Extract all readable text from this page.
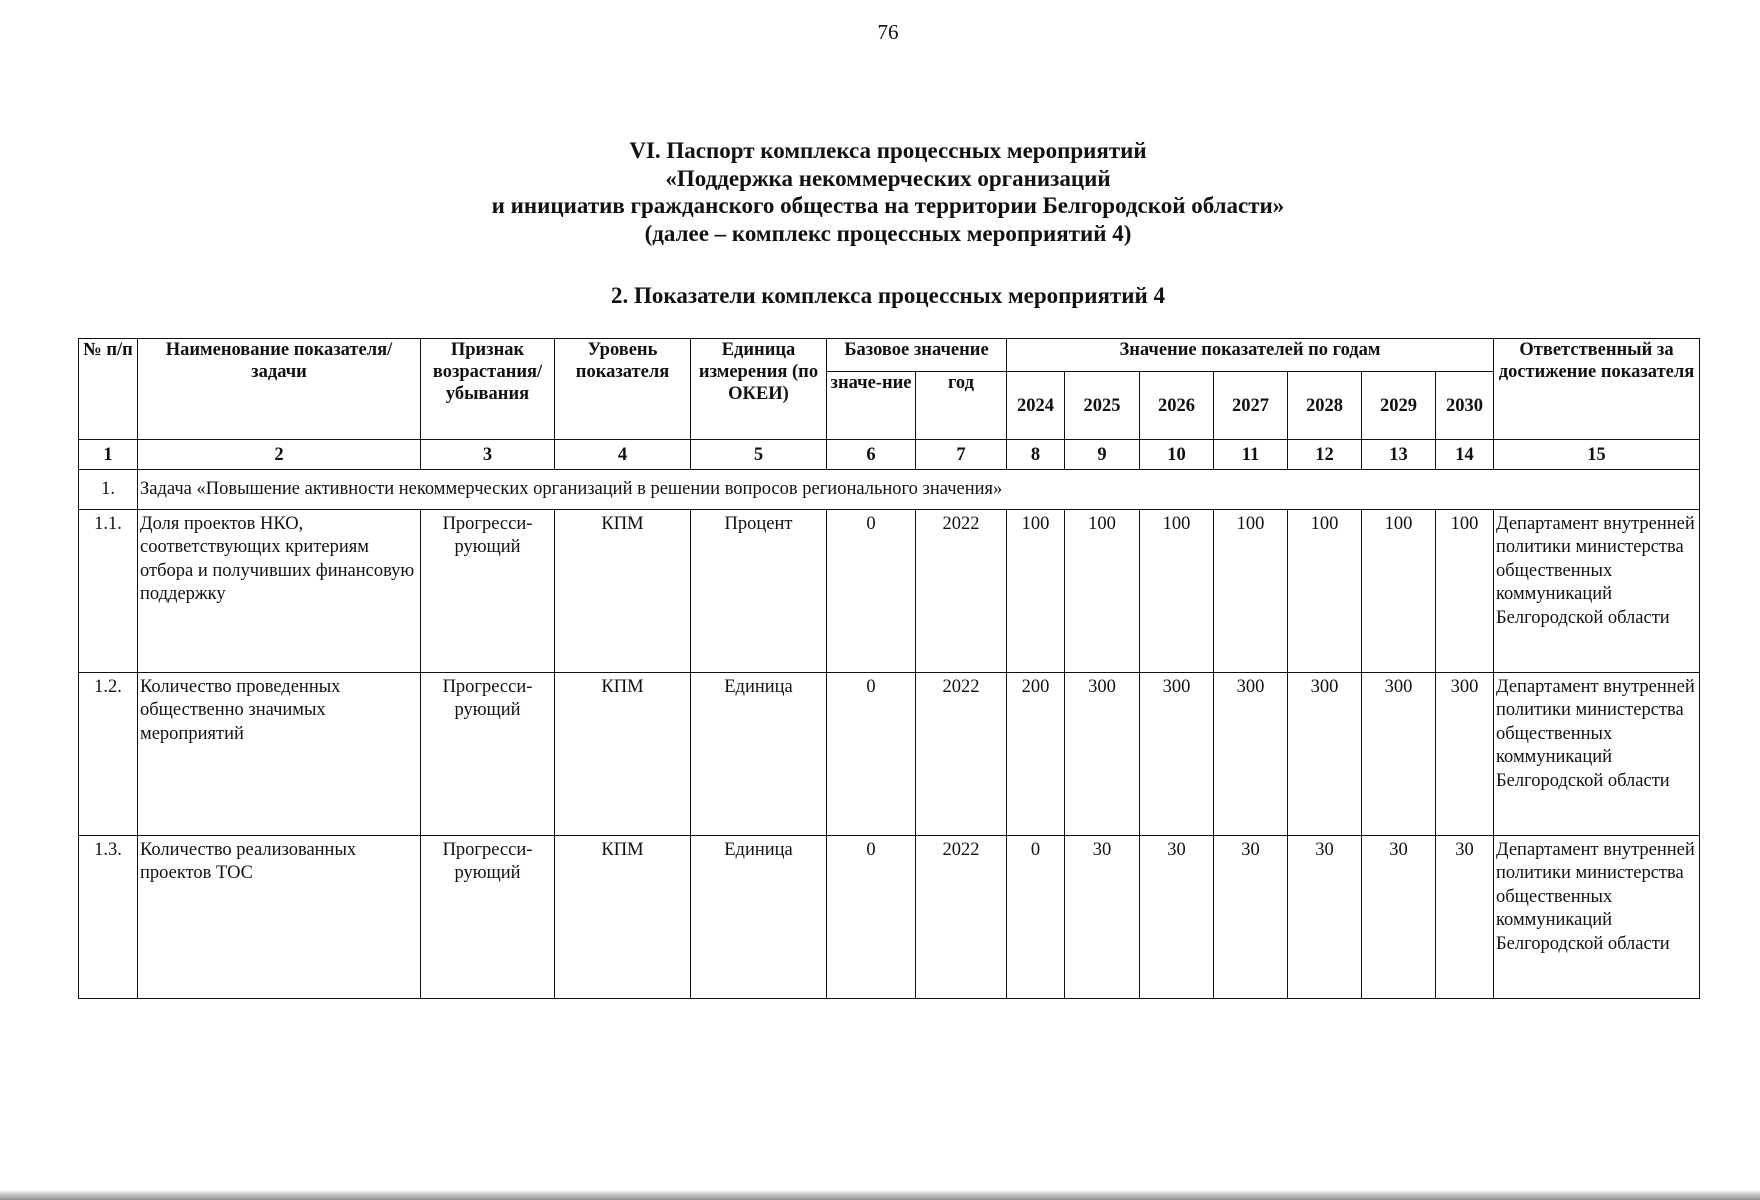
76
VI. Паспорт комплекса процессных мероприятий
«Поддержка некоммерческих организаций
и инициатив гражданского общества на территории Белгородской области»
(далее – комплекс процессных мероприятий 4)
2. Показатели комплекса процессных мероприятий 4
№ п/п	Наименование показателя/задачи	Признак возрастания/ убывания	Уровень показателя	Единица измерения (по ОКЕИ)	Базовое значение		Значение показателей по годам							Ответственный за достижение показателя
					значе-ние	год	2024	2025	2026	2027	2028	2029	2030	
1	2	3	4	5	6	7	8	9	10	11	12	13	14	15
1.	Задача «Повышение активности некоммерческих организаций в решении вопросов регионального значения»													
1.1.	Доля проектов НКО, соответствующих критериям отбора и получивших финансовую поддержку	Прогресси-рующий	КПМ	Процент	0	2022	100	100	100	100	100	100	100	Департамент внутренней политики министерства общественных коммуникаций Белгородской области
1.2.	Количество проведенных общественно значимых мероприятий	Прогресси-рующий	КПМ	Единица	0	2022	200	300	300	300	300	300	300	Департамент внутренней политики министерства общественных коммуникаций Белгородской области
1.3.	Количество реализованных проектов ТОС	Прогресси-рующий	КПМ	Единица	0	2022	0	30	30	30	30	30	30	Департамент внутренней политики министерства общественных коммуникаций Белгородской области
